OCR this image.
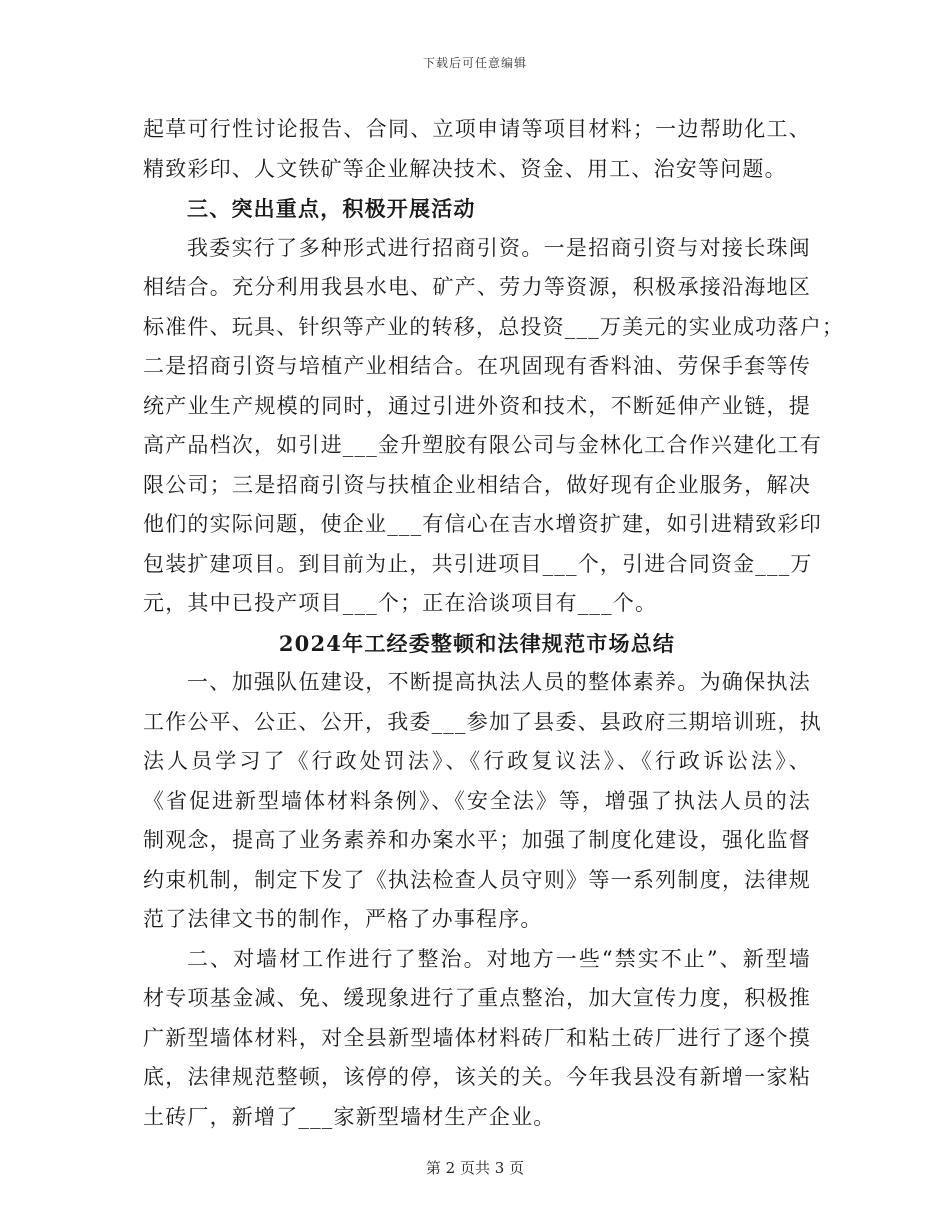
下载后可任意编辑
起草可行性讨论报告、合同、立项申请等项目材料；一边帮助化工、
精致彩印、人文铁矿等企业解决技术、资金、用工、治安等问题。
三、突出重点，积极开展活动
我委实行了多种形式进行招商引资。一是招商引资与对接长珠闽
相结合。充分利用我县水电、矿产、劳力等资源，积极承接沿海地区
标准件、玩具、针织等产业的转移，总投资___万美元的实业成功落户；
二是招商引资与培植产业相结合。在巩固现有香料油、劳保手套等传
统产业生产规模的同时，通过引进外资和技术，不断延伸产业链，提
高产品档次，如引进___金升塑胶有限公司与金林化工合作兴建化工有
限公司；三是招商引资与扶植企业相结合，做好现有企业服务，解决
他们的实际问题，使企业___有信心在吉水增资扩建，如引进精致彩印
包装扩建项目。到目前为止，共引进项目___个，引进合同资金___万
元，其中已投产项目___个；正在洽谈项目有___个。
2024年工经委整顿和法律规范市场总结
一、加强队伍建设，不断提高执法人员的整体素养。为确保执法
工作公平、公正、公开，我委___参加了县委、县政府三期培训班，执
法人员学习了《行政处罚法》、《行政复议法》、《行政诉讼法》、
《省促进新型墙体材料条例》、《安全法》等，增强了执法人员的法
制观念，提高了业务素养和办案水平；加强了制度化建设，强化监督
约束机制，制定下发了《执法检查人员守则》等一系列制度，法律规
范了法律文书的制作，严格了办事程序。
二、对墙材工作进行了整治。对地方一些“禁实不止”、新型墙
材专项基金减、免、缓现象进行了重点整治，加大宣传力度，积极推
广新型墙体材料，对全县新型墙体材料砖厂和粘土砖厂进行了逐个摸
底，法律规范整顿，该停的停，该关的关。今年我县没有新增一家粘
土砖厂，新增了___家新型墙材生产企业。
第 2 页共 3 页
